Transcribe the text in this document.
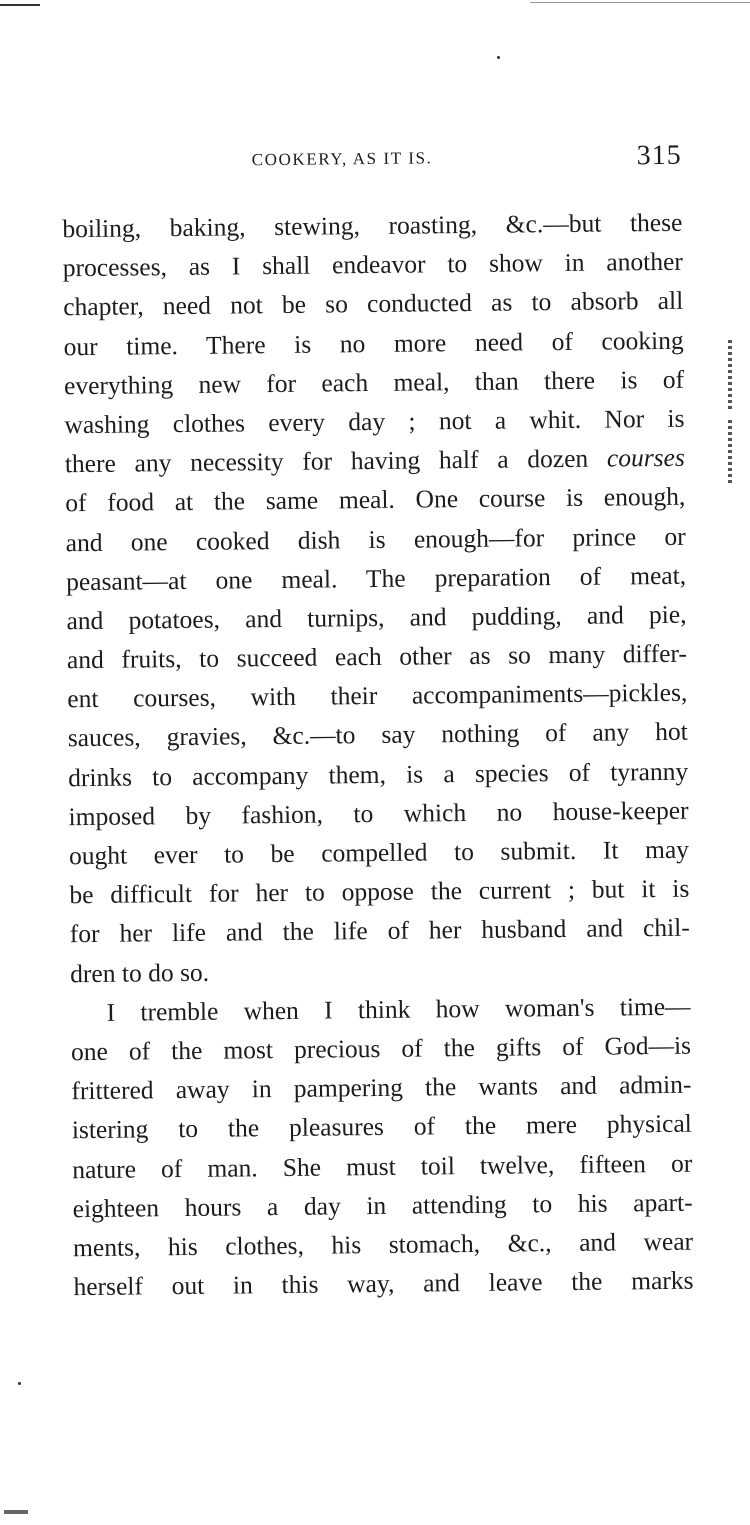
COOKERY, AS IT IS.	315
boiling, baking, stewing, roasting, &c.—but these
processes, as I shall endeavor to show in another
chapter, need not be so conducted as to absorb all
our time. There is no more need of cooking
everything new for each meal, than there is of
washing clothes every day ; not a whit. Nor is
there any necessity for having half a dozen courses
of food at the same meal. One course is enough,
and one cooked dish is enough—for prince or
peasant—at one meal. The preparation of meat,
and potatoes, and turnips, and pudding, and pie,
and fruits, to succeed each other as so many differ-
ent courses, with their accompaniments—pickles,
sauces, gravies, &c.—to say nothing of any hot
drinks to accompany them, is a species of tyranny
imposed by fashion, to which no house-keeper
ought ever to be compelled to submit. It may
be difficult for her to oppose the current ; but it is
for her life and the life of her husband and chil-
dren to do so.
I tremble when I think how woman's time—
one of the most precious of the gifts of God—is
frittered away in pampering the wants and admin-
istering to the pleasures of the mere physical
nature of man. She must toil twelve, fifteen or
eighteen hours a day in attending to his apart-
ments, his clothes, his stomach, &c., and wear
herself out in this way, and leave the marks
